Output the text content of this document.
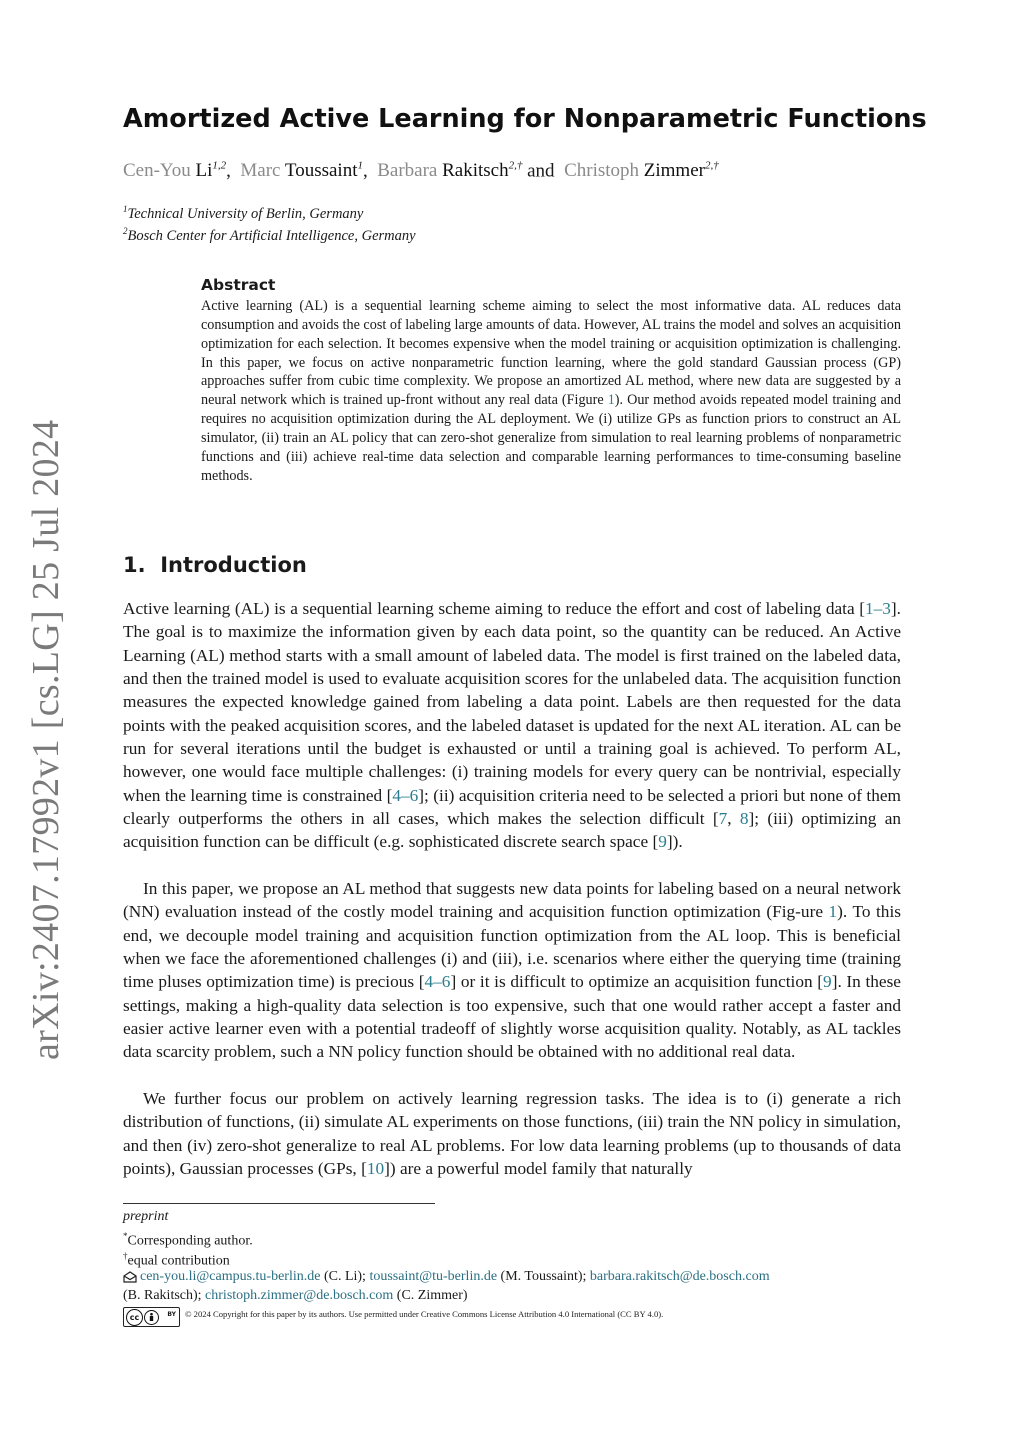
arXiv:2407.17992v1 [cs.LG] 25 Jul 2024
Amortized Active Learning for Nonparametric Functions
Cen-You Li$^{1,2}$,  Marc Toussaint$^1$,  Barbara Rakitsch$^{2,\dagger}$ and  Christoph Zimmer$^{2,\dagger}$
$^1$Technical University of Berlin, Germany
$^2$Bosch Center for Artificial Intelligence, Germany
Abstract
Active learning (AL) is a sequential learning scheme aiming to select the most informative data. AL reduces data consumption and avoids the cost of labeling large amounts of data. However, AL trains the model and solves an acquisition optimization for each selection. It becomes expensive when the model training or acquisition optimization is challenging. In this paper, we focus on active nonparametric function learning, where the gold standard Gaussian process (GP) approaches suffer from cubic time complexity. We propose an amortized AL method, where new data are suggested by a neural network which is trained up-front without any real data (Figure 1). Our method avoids repeated model training and requires no acquisition optimization during the AL deployment. We (i) utilize GPs as function priors to construct an AL simulator, (ii) train an AL policy that can zero-shot generalize from simulation to real learning problems of nonparametric functions and (iii) achieve real-time data selection and comparable learning performances to time-consuming baseline methods.
1. Introduction
Active learning (AL) is a sequential learning scheme aiming to reduce the effort and cost of labeling data [1–3]. The goal is to maximize the information given by each data point, so the quantity can be reduced. An Active Learning (AL) method starts with a small amount of labeled data. The model is first trained on the labeled data, and then the trained model is used to evaluate acquisition scores for the unlabeled data. The acquisition function measures the expected knowledge gained from labeling a data point. Labels are then requested for the data points with the peaked acquisition scores, and the labeled dataset is updated for the next AL iteration. AL can be run for several iterations until the budget is exhausted or until a training goal is achieved. To perform AL, however, one would face multiple challenges: (i) training models for every query can be nontrivial, especially when the learning time is constrained [4–6]; (ii) acquisition criteria need to be selected a priori but none of them clearly outperforms the others in all cases, which makes the selection difficult [7, 8]; (iii) optimizing an acquisition function can be difficult (e.g. sophisticated discrete search space [9]).
In this paper, we propose an AL method that suggests new data points for labeling based on a neural network (NN) evaluation instead of the costly model training and acquisition function optimization (Fig-ure 1). To this end, we decouple model training and acquisition function optimization from the AL loop. This is beneficial when we face the aforementioned challenges (i) and (iii), i.e. scenarios where either the querying time (training time pluses optimization time) is precious [4–6] or it is difficult to optimize an acquisition function [9]. In these settings, making a high-quality data selection is too expensive, such that one would rather accept a faster and easier active learner even with a potential tradeoff of slightly worse acquisition quality. Notably, as AL tackles data scarcity problem, such a NN policy function should be obtained with no additional real data.
We further focus our problem on actively learning regression tasks. The idea is to (i) generate a rich distribution of functions, (ii) simulate AL experiments on those functions, (iii) train the NN policy in simulation, and then (iv) zero-shot generalize to real AL problems. For low data learning problems (up to thousands of data points), Gaussian processes (GPs, [10]) are a powerful model family that naturally
preprint
*Corresponding author.
†equal contribution
cen-you.li@campus.tu-berlin.de (C. Li); toussaint@tu-berlin.de (M. Toussaint); barbara.rakitsch@de.bosch.com
(B. Rakitsch); christoph.zimmer@de.bosch.com (C. Zimmer)
cc	BY © 2024 Copyright for this paper by its authors. Use permitted under Creative Commons License Attribution 4.0 International (CC BY 4.0).
